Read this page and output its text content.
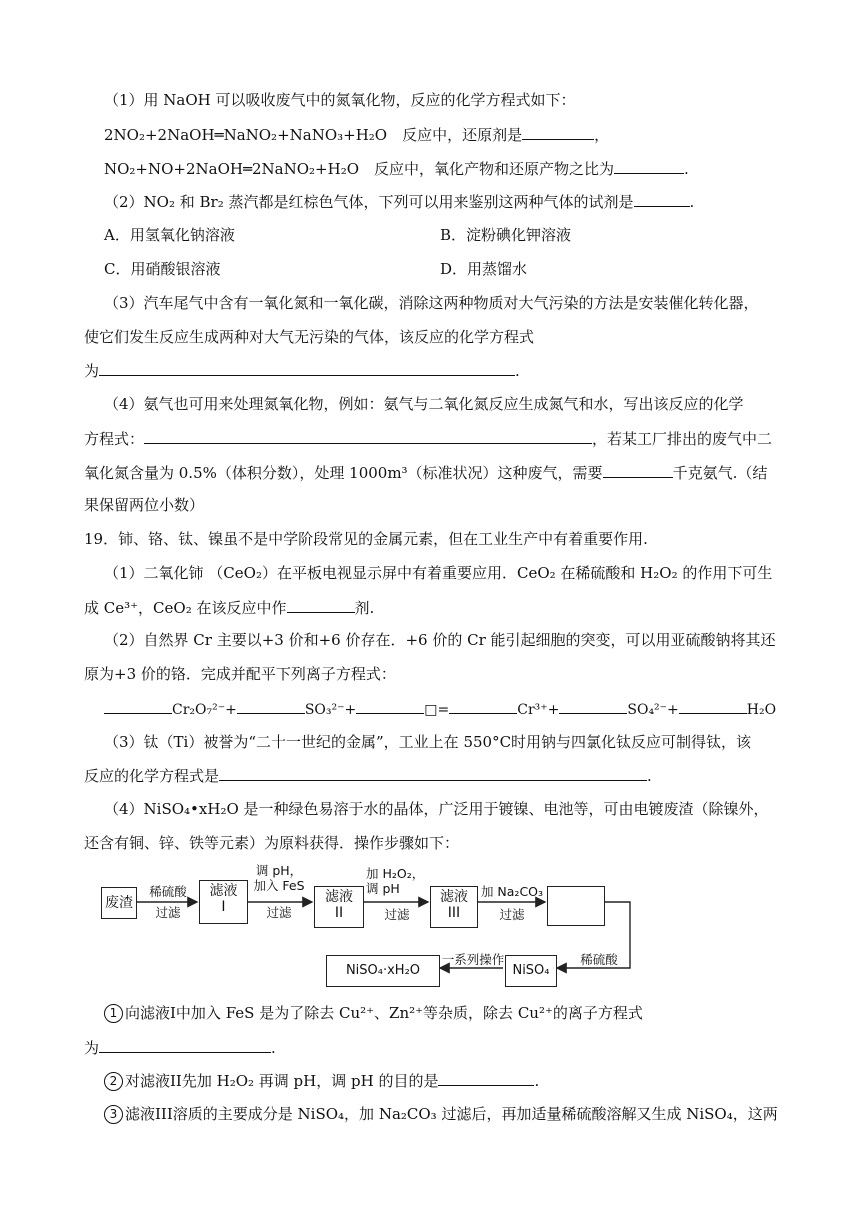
（1）用 NaOH 可以吸收废气中的氮氧化物，反应的化学方程式如下：
2NO₂+2NaOH═NaNO₂+NaNO₃+H₂O　反应中，还原剂是	，
NO₂+NO+2NaOH═2NaNO₂+H₂O　反应中，氧化产物和还原产物之比为	.
（2）NO₂ 和 Br₂ 蒸汽都是红棕色气体，下列可以用来鉴别这两种气体的试剂是	.
A．用氢氧化钠溶液	B．淀粉碘化钾溶液
C．用硝酸银溶液	D．用蒸馏水
（3）汽车尾气中含有一氧化氮和一氧化碳，消除这两种物质对大气污染的方法是安装催化转化器，
使它们发生反应生成两种对大气无污染的气体，该反应的化学方程式
为	.
（4）氨气也可用来处理氮氧化物，例如：氨气与二氧化氮反应生成氮气和水，写出该反应的化学
方程式：	，若某工厂排出的废气中二
氧化氮含量为 0.5%（体积分数），处理 1000m³（标准状况）这种废气，需要	千克氨气.（结
果保留两位小数）
19．铈、铬、钛、镍虽不是中学阶段常见的金属元素，但在工业生产中有着重要作用.
（1）二氧化铈 （CeO₂）在平板电视显示屏中有着重要应用．CeO₂ 在稀硫酸和 H₂O₂ 的作用下可生
成 Ce³⁺，CeO₂ 在该反应中作	剂.
（2）自然界 Cr 主要以+3 价和+6 价存在．+6 价的 Cr 能引起细胞的突变，可以用亚硫酸钠将其还
原为+3 价的铬．完成并配平下列离子方程式：
Cr₂O₇²⁻+	SO₃²⁻+	□=	Cr³⁺+	SO₄²⁻+	H₂O
（3）钛（Ti）被誉为“二十一世纪的金属”，工业上在 550°C时用钠与四氯化钛反应可制得钛，该
反应的化学方程式是	.
（4）NiSO₄•xH₂O 是一种绿色易溶于水的晶体，广泛用于镀镍、电池等，可由电镀废渣（除镍外，
还含有铜、锌、铁等元素）为原料获得．操作步骤如下：
废渣
滤液
I
滤液
II
滤液
III
NiSO₄
NiSO₄·xH₂O
稀硫酸
过滤
调 pH，
加入 FeS
过滤
加 H₂O₂，
调 pH
过滤
加 Na₂CO₃
过滤
稀硫酸
一系列操作
1 向滤液I中加入 FeS 是为了除去 Cu²⁺、Zn²⁺等杂质，除去 Cu²⁺的离子方程式
为	.
2 对滤液II先加 H₂O₂ 再调 pH，调 pH 的目的是	.
3 滤液III溶质的主要成分是 NiSO₄，加 Na₂CO₃ 过滤后，再加适量稀硫酸溶解又生成 NiSO₄，这两
